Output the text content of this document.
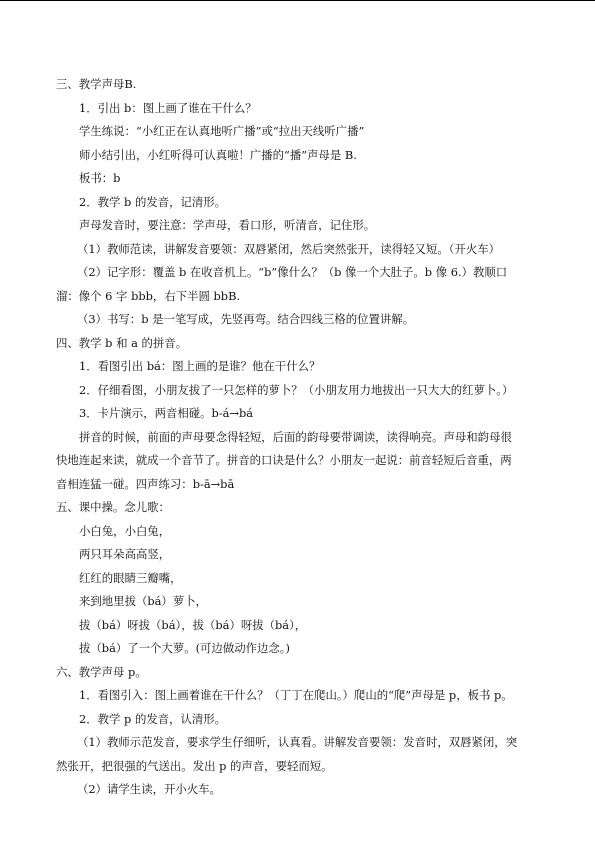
三、教学声母B.
1．引出 b：图上画了谁在干什么？
学生练说：“小红正在认真地听广播”或“拉出天线听广播”
师小结引出，小红听得可认真啦！广播的“播”声母是 B.
板书：b
2．教学 b 的发音，记清形。
声母发音时，要注意：学声母，看口形，听清音，记住形。
（1）教师范读，讲解发音要领：双唇紧闭，然后突然张开，读得轻又短。（开火车）
（2）记字形：覆盖 b 在收音机上。“b”像什么？（b 像一个大肚子。b 像 6.）教顺口
溜：像个 6 字 bbb，右下半圆 bbB.
（3）书写：b 是一笔写成，先竖再弯。结合四线三格的位置讲解。
四、教学 b 和 a 的拼音。
1．看图引出 bá：图上画的是谁？他在干什么？
2．仔细看图，小朋友拔了一只怎样的萝卜？（小朋友用力地拔出一只大大的红萝卜。）
3．卡片演示，两音相碰。b-á→bá
拼音的时候，前面的声母要念得轻短，后面的韵母要带调读，读得响亮。声母和韵母很
快地连起来读，就成一个音节了。拼音的口诀是什么？小朋友一起说：前音轻短后音重，两
音相连猛一碰。四声练习：b-ā→bā
五、课中操。念儿歌：
小白兔，小白兔，
两只耳朵高高竖，
红红的眼睛三瓣嘴，
来到地里拔（bá）萝卜，
拔（bá）呀拔（bá），拔（bá）呀拔（bá），
拔（bá）了一个大萝。(可边做动作边念。)
六、教学声母 p。
1．看图引入：图上画着谁在干什么？（丁丁在爬山。）爬山的“爬”声母是 p，板书 p。
2．教学 p 的发音，认清形。
（1）教师示范发音，要求学生仔细听，认真看。讲解发音要领：发音时，双唇紧闭，突
然张开，把很强的气送出。发出 p 的声音，要轻而短。
（2）请学生读，开小火车。
